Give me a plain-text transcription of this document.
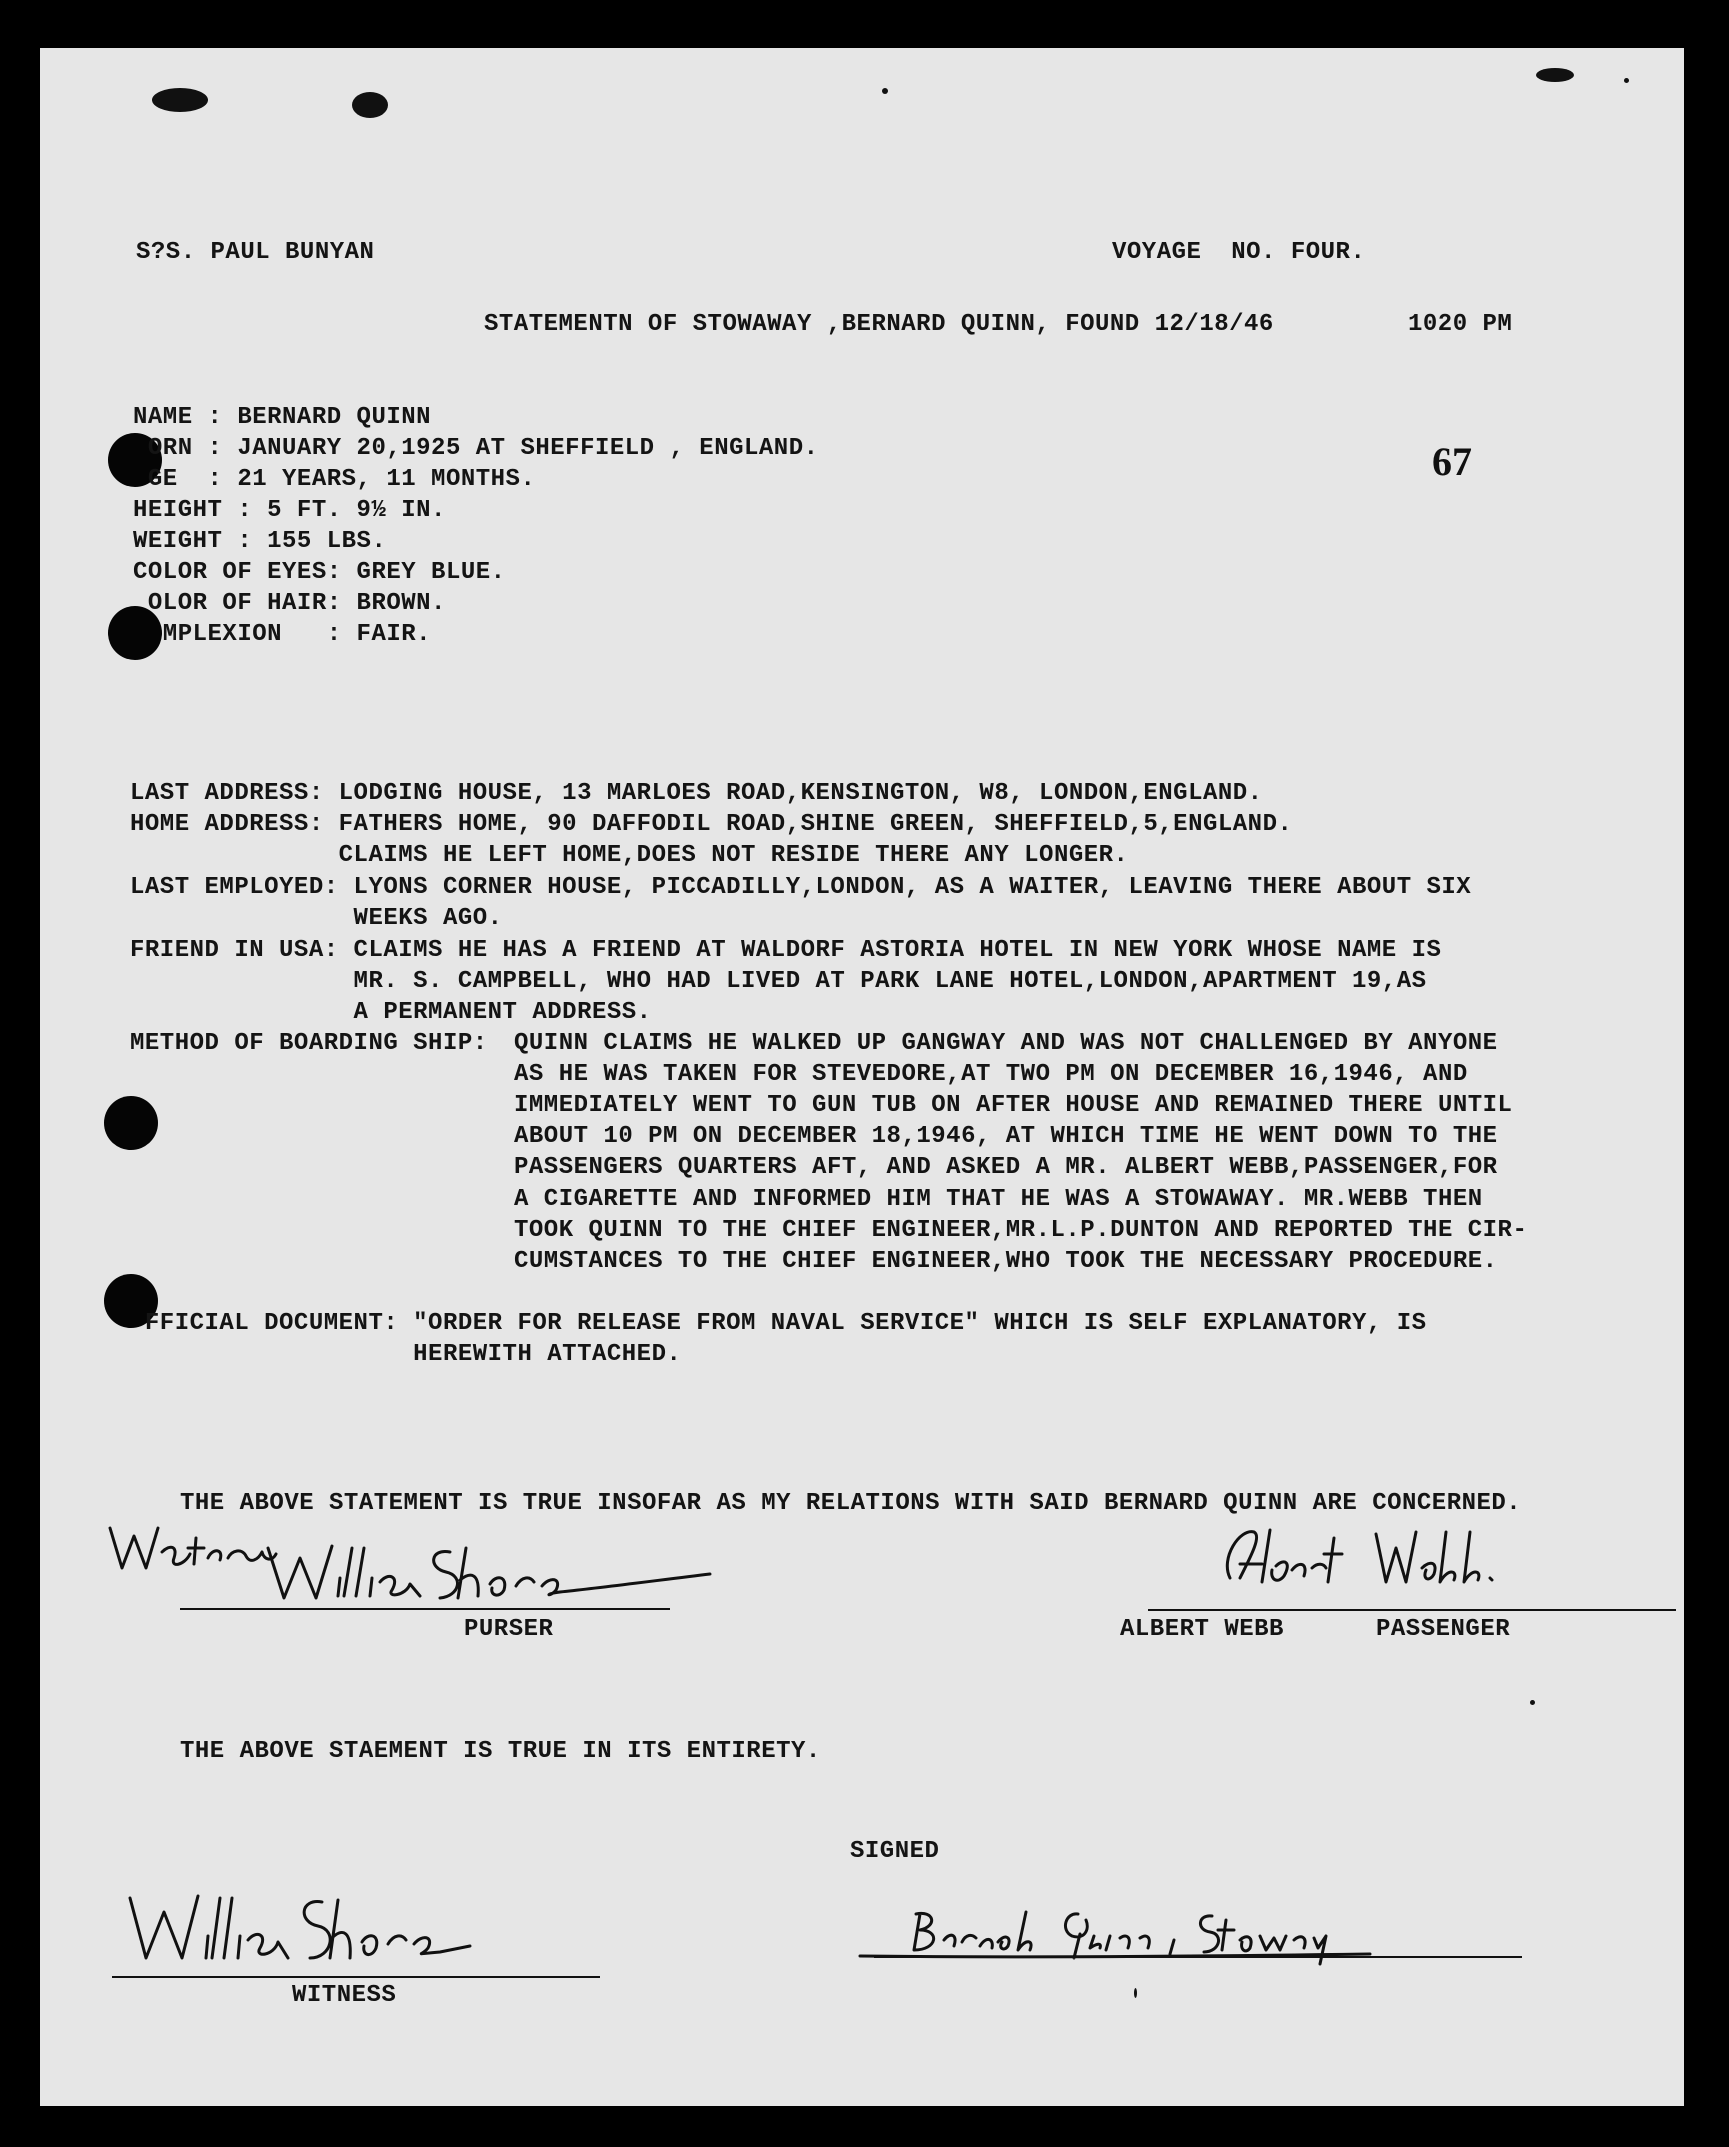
S?S. PAUL BUNYAN	VOYAGE  NO. FOUR.
STATEMENTN OF STOWAWAY ,BERNARD QUINN, FOUND 12/18/46	1020 PM
67
NAME : BERNARD QUINN
ORN : JANUARY 20,1925 AT SHEFFIELD , ENGLAND.
GE  : 21 YEARS, 11 MONTHS.
HEIGHT : 5 FT. 9½ IN.
WEIGHT : 155 LBS.
COLOR OF EYES: GREY BLUE.
OLOR OF HAIR: BROWN.
MPLEXION   : FAIR.
LAST ADDRESS: LODGING HOUSE, 13 MARLOES ROAD,KENSINGTON, W8, LONDON,ENGLAND.
HOME ADDRESS: FATHERS HOME, 90 DAFFODIL ROAD,SHINE GREEN, SHEFFIELD,5,ENGLAND.
CLAIMS HE LEFT HOME,DOES NOT RESIDE THERE ANY LONGER.
LAST EMPLOYED: LYONS CORNER HOUSE, PICCADILLY,LONDON, AS A WAITER, LEAVING THERE ABOUT SIX
WEEKS AGO.
FRIEND IN USA: CLAIMS HE HAS A FRIEND AT WALDORF ASTORIA HOTEL IN NEW YORK WHOSE NAME IS
MR. S. CAMPBELL, WHO HAD LIVED AT PARK LANE HOTEL,LONDON,APARTMENT 19,AS
A PERMANENT ADDRESS.
METHOD OF BOARDING SHIP: QUINN CLAIMS HE WALKED UP GANGWAY AND WAS NOT CHALLENGED BY ANYONE
AS HE WAS TAKEN FOR STEVEDORE,AT TWO PM ON DECEMBER 16,1946, AND
IMMEDIATELY WENT TO GUN TUB ON AFTER HOUSE AND REMAINED THERE UNTIL
ABOUT 10 PM ON DECEMBER 18,1946, AT WHICH TIME HE WENT DOWN TO THE
PASSENGERS QUARTERS AFT, AND ASKED A MR. ALBERT WEBB,PASSENGER,FOR
A CIGARETTE AND INFORMED HIM THAT HE WAS A STOWAWAY. MR.WEBB THEN
TOOK QUINN TO THE CHIEF ENGINEER,MR.L.P.DUNTON AND REPORTED THE CIR-
CUMSTANCES TO THE CHIEF ENGINEER,WHO TOOK THE NECESSARY PROCEDURE.
FFICIAL DOCUMENT: "ORDER FOR RELEASE FROM NAVAL SERVICE" WHICH IS SELF EXPLANATORY, IS
HEREWITH ATTACHED.
THE ABOVE STATEMENT IS TRUE INSOFAR AS MY RELATIONS WITH SAID BERNARD QUINN ARE CONCERNED.
PURSER	ALBERT WEBB	PASSENGER
THE ABOVE STAEMENT IS TRUE IN ITS ENTIRETY.
SIGNED
WITNESS
